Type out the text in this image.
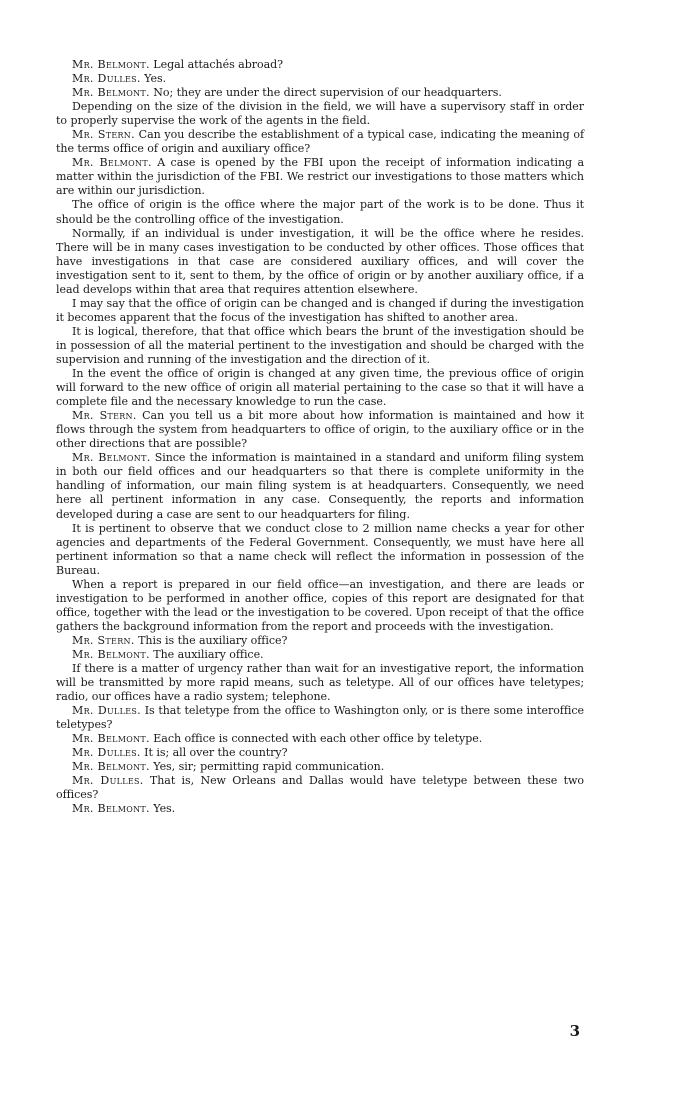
Mr. Belmont. Legal attachés abroad?

Mr. Dulles. Yes.

Mr. Belmont. No; they are under the direct supervision of our headquarters.

Depending on the size of the division in the field, we will have a supervisory staff in order to properly supervise the work of the agents in the field.

Mr. Stern. Can you describe the establishment of a typical case, indicating the meaning of the terms office of origin and auxiliary office?

Mr. Belmont. A case is opened by the FBI upon the receipt of information indicating a matter within the jurisdiction of the FBI. We restrict our investigations to those matters which are within our jurisdiction.

The office of origin is the office where the major part of the work is to be done. Thus it should be the controlling office of the investigation.

Normally, if an individual is under investigation, it will be the office where he resides. There will be in many cases investigation to be conducted by other offices. Those offices that have investigations in that case are considered auxiliary offices, and will cover the investigation sent to it, sent to them, by the office of origin or by another auxiliary office, if a lead develops within that area that requires attention elsewhere.

I may say that the office of origin can be changed and is changed if during the investigation it becomes apparent that the focus of the investigation has shifted to another area.

It is logical, therefore, that that office which bears the brunt of the investigation should be in possession of all the material pertinent to the investigation and should be charged with the supervision and running of the investigation and the direction of it.

In the event the office of origin is changed at any given time, the previous office of origin will forward to the new office of origin all material pertaining to the case so that it will have a complete file and the necessary knowledge to run the case.

Mr. Stern. Can you tell us a bit more about how information is maintained and how it flows through the system from headquarters to office of origin, to the auxiliary office or in the other directions that are possible?

Mr. Belmont. Since the information is maintained in a standard and uniform filing system in both our field offices and our headquarters so that there is complete uniformity in the handling of information, our main filing system is at headquarters. Consequently, we need here all pertinent information in any case. Consequently, the reports and information developed during a case are sent to our headquarters for filing.

It is pertinent to observe that we conduct close to 2 million name checks a year for other agencies and departments of the Federal Government. Consequently, we must have here all pertinent information so that a name check will reflect the information in possession of the Bureau.

When a report is prepared in our field office—an investigation, and there are leads or investigation to be performed in another office, copies of this report are designated for that office, together with the lead or the investigation to be covered. Upon receipt of that the office gathers the background information from the report and proceeds with the investigation.

Mr. Stern. This is the auxiliary office?

Mr. Belmont. The auxiliary office.

If there is a matter of urgency rather than wait for an investigative report, the information will be transmitted by more rapid means, such as teletype. All of our offices have teletypes; radio, our offices have a radio system; telephone.

Mr. Dulles. Is that teletype from the office to Washington only, or is there some interoffice teletypes?

Mr. Belmont. Each office is connected with each other office by teletype.

Mr. Dulles. It is; all over the country?

Mr. Belmont. Yes, sir; permitting rapid communication.

Mr. Dulles. That is, New Orleans and Dallas would have teletype between these two offices?

Mr. Belmont. Yes.

3
